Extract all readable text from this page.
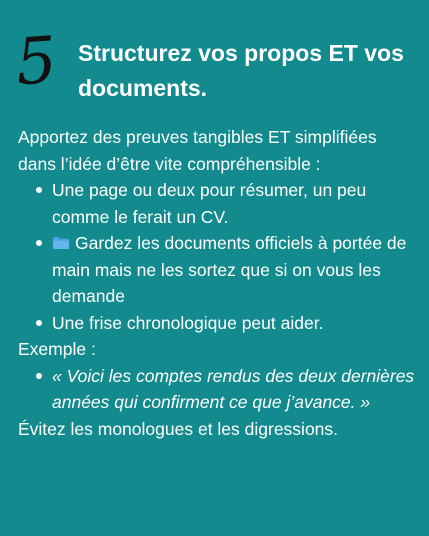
5 Structurez vos propos ET vos documents.

Apportez des preuves tangibles ET simplifiées dans l’idée d’être vite compréhensible :

Une page ou deux pour résumer, un peu comme le ferait un CV.
Gardez les documents officiels à portée de main mais ne les sortez que si on vous les demande
Une frise chronologique peut aider.

Exemple :

« Voici les comptes rendus des deux dernières années qui confirment ce que j’avance. »

Évitez les monologues et les digressions.
